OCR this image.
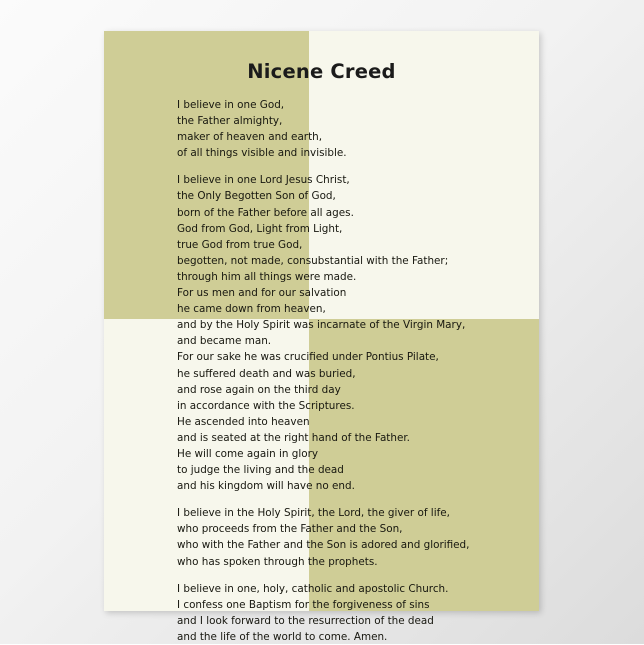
Nicene Creed
I believe in one God,
the Father almighty,
maker of heaven and earth,
of all things visible and invisible.
I believe in one Lord Jesus Christ,
the Only Begotten Son of God,
born of the Father before all ages.
God from God, Light from Light,
true God from true God,
begotten, not made, consubstantial with the Father;
through him all things were made.
For us men and for our salvation
he came down from heaven,
and by the Holy Spirit was incarnate of the Virgin Mary,
and became man.
For our sake he was crucified under Pontius Pilate,
he suffered death and was buried,
and rose again on the third day
in accordance with the Scriptures.
He ascended into heaven
and is seated at the right hand of the Father.
He will come again in glory
to judge the living and the dead
and his kingdom will have no end.
I believe in the Holy Spirit, the Lord, the giver of life,
who proceeds from the Father and the Son,
who with the Father and the Son is adored and glorified,
who has spoken through the prophets.
I believe in one, holy, catholic and apostolic Church.
I confess one Baptism for the forgiveness of sins
and I look forward to the resurrection of the dead
and the life of the world to come. Amen.
